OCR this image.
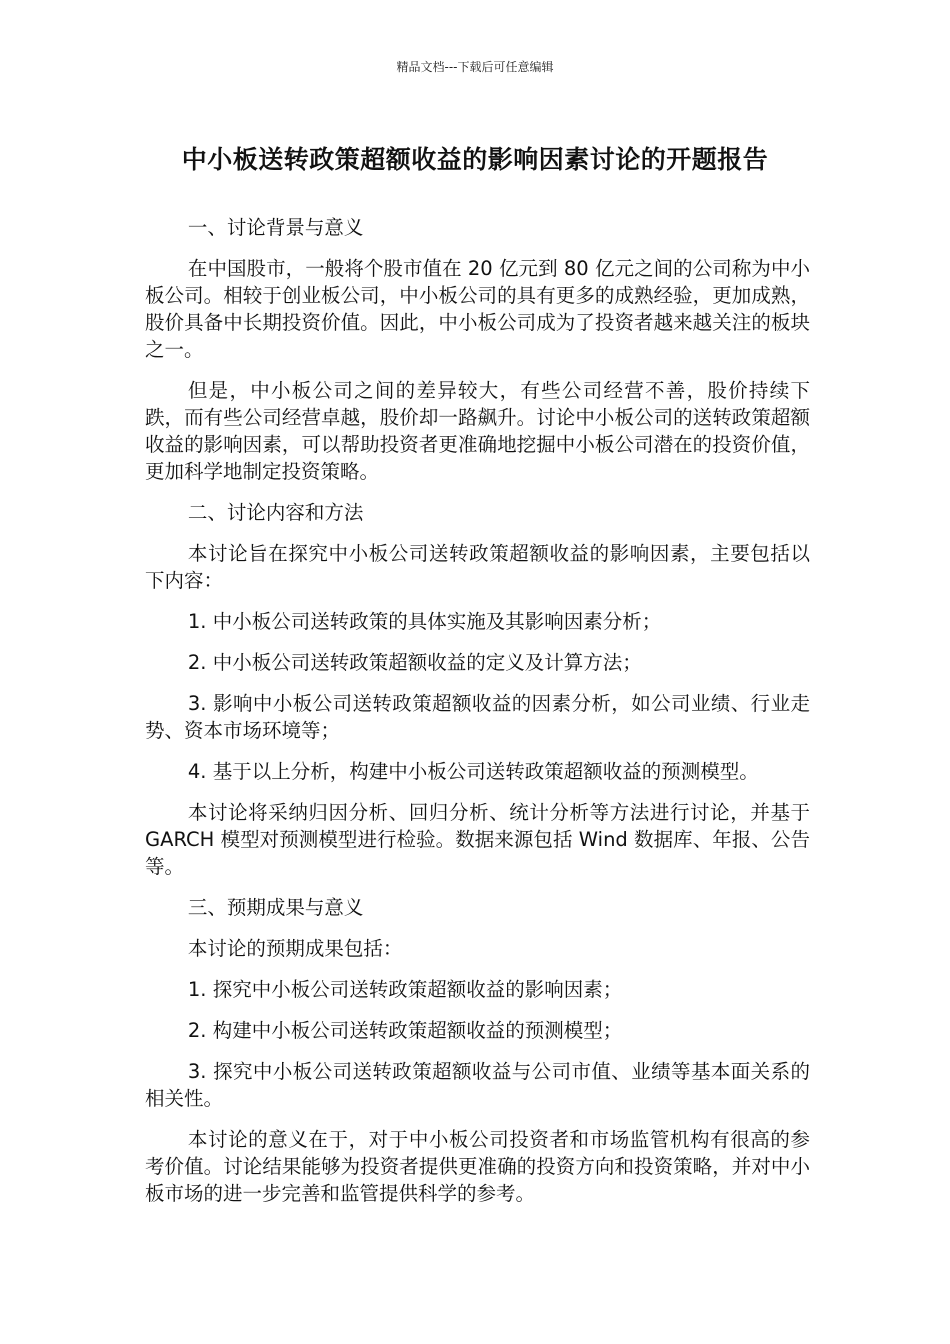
精品文档---下载后可任意编辑
中小板送转政策超额收益的影响因素讨论的开题报告

一、讨论背景与意义

在中国股市，一般将个股市值在 20 亿元到 80 亿元之间的公司称为中小板公司。相较于创业板公司，中小板公司的具有更多的成熟经验，更加成熟，股价具备中长期投资价值。因此，中小板公司成为了投资者越来越关注的板块之一。

但是，中小板公司之间的差异较大，有些公司经营不善，股价持续下跌，而有些公司经营卓越，股价却一路飙升。讨论中小板公司的送转政策超额收益的影响因素，可以帮助投资者更准确地挖掘中小板公司潜在的投资价值，更加科学地制定投资策略。

二、讨论内容和方法

本讨论旨在探究中小板公司送转政策超额收益的影响因素，主要包括以下内容：

1. 中小板公司送转政策的具体实施及其影响因素分析；

2. 中小板公司送转政策超额收益的定义及计算方法；

3. 影响中小板公司送转政策超额收益的因素分析，如公司业绩、行业走势、资本市场环境等；

4. 基于以上分析，构建中小板公司送转政策超额收益的预测模型。

本讨论将采纳归因分析、回归分析、统计分析等方法进行讨论，并基于 GARCH 模型对预测模型进行检验。数据来源包括 Wind 数据库、年报、公告等。

三、预期成果与意义

本讨论的预期成果包括：

1. 探究中小板公司送转政策超额收益的影响因素；

2. 构建中小板公司送转政策超额收益的预测模型；

3. 探究中小板公司送转政策超额收益与公司市值、业绩等基本面关系的相关性。

本讨论的意义在于，对于中小板公司投资者和市场监管机构有很高的参考价值。讨论结果能够为投资者提供更准确的投资方向和投资策略，并对中小板市场的进一步完善和监管提供科学的参考。
